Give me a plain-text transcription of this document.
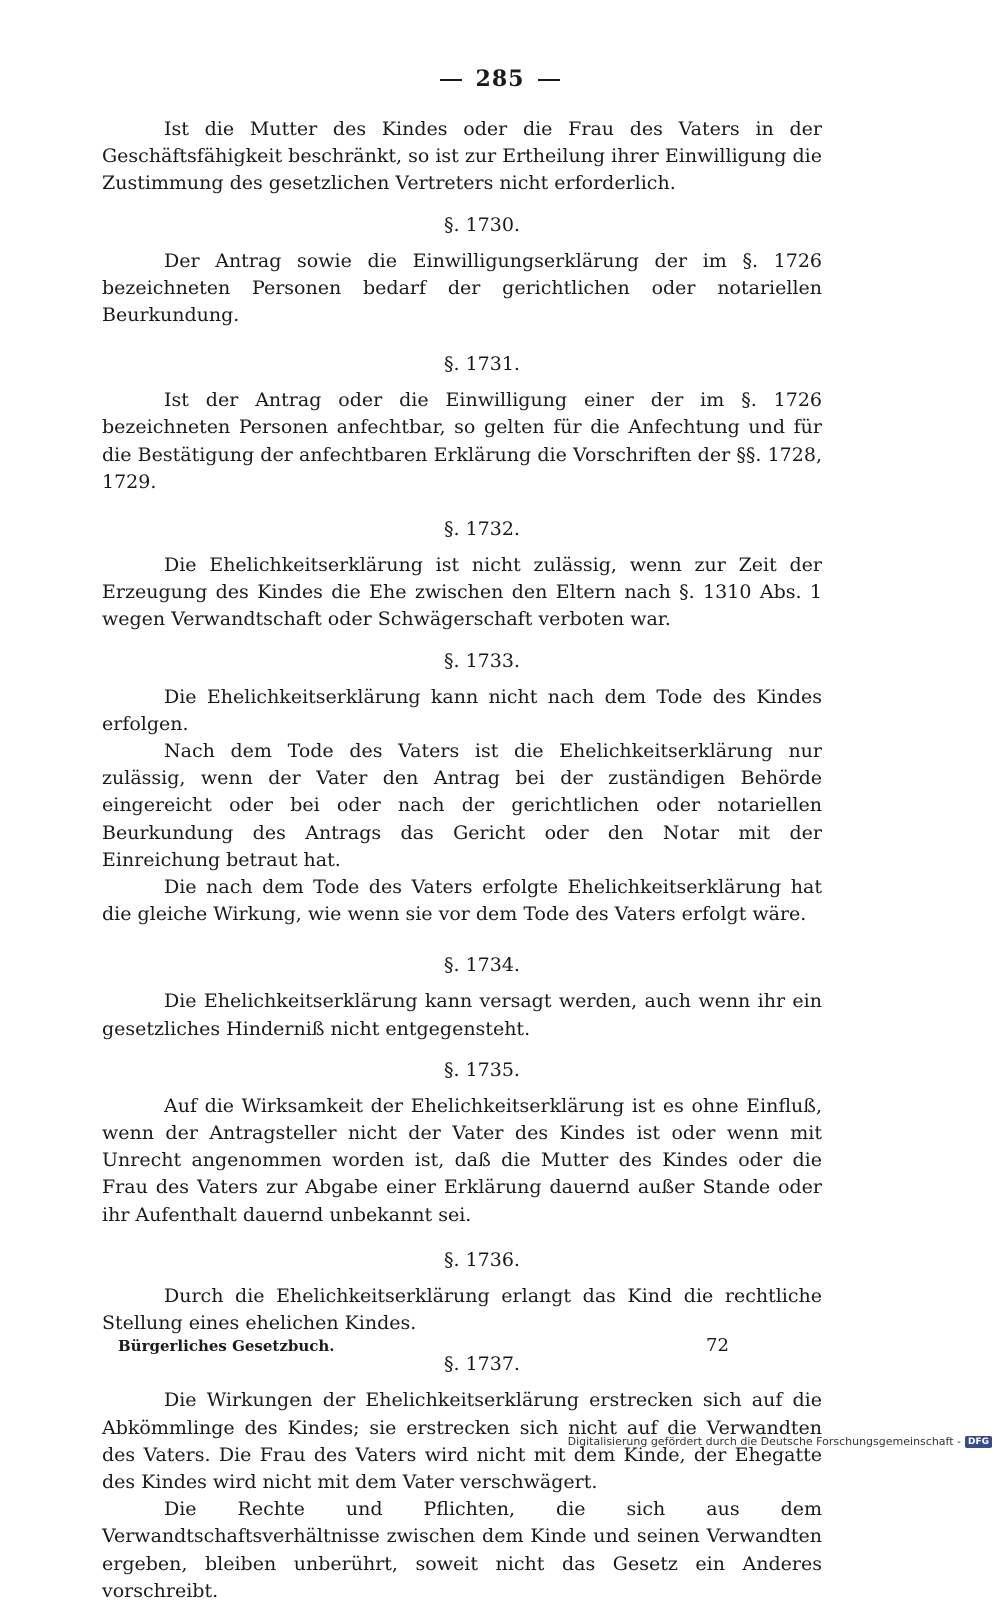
285

Ist die Mutter des Kindes oder die Frau des Vaters in der Geschäftsfähigkeit beschränkt, so ist zur Ertheilung ihrer Einwilligung die Zustimmung des gesetzlichen Vertreters nicht erforderlich.

§. 1730.

Der Antrag sowie die Einwilligungserklärung der im §. 1726 bezeichneten Personen bedarf der gerichtlichen oder notariellen Beurkundung.

§. 1731.

Ist der Antrag oder die Einwilligung einer der im §. 1726 bezeichneten Personen anfechtbar, so gelten für die Anfechtung und für die Bestätigung der anfechtbaren Erklärung die Vorschriften der §§. 1728, 1729.

§. 1732.

Die Ehelichkeitserklärung ist nicht zulässig, wenn zur Zeit der Erzeugung des Kindes die Ehe zwischen den Eltern nach §. 1310 Abs. 1 wegen Verwandtschaft oder Schwägerschaft verboten war.

§. 1733.

Die Ehelichkeitserklärung kann nicht nach dem Tode des Kindes erfolgen.

Nach dem Tode des Vaters ist die Ehelichkeitserklärung nur zulässig, wenn der Vater den Antrag bei der zuständigen Behörde eingereicht oder bei oder nach der gerichtlichen oder notariellen Beurkundung des Antrags das Gericht oder den Notar mit der Einreichung betraut hat.

Die nach dem Tode des Vaters erfolgte Ehelichkeitserklärung hat die gleiche Wirkung, wie wenn sie vor dem Tode des Vaters erfolgt wäre.

§. 1734.

Die Ehelichkeitserklärung kann versagt werden, auch wenn ihr ein gesetzliches Hinderniß nicht entgegensteht.

§. 1735.

Auf die Wirksamkeit der Ehelichkeitserklärung ist es ohne Einfluß, wenn der Antragsteller nicht der Vater des Kindes ist oder wenn mit Unrecht angenommen worden ist, daß die Mutter des Kindes oder die Frau des Vaters zur Abgabe einer Erklärung dauernd außer Stande oder ihr Aufenthalt dauernd unbekannt sei.

§. 1736.

Durch die Ehelichkeitserklärung erlangt das Kind die rechtliche Stellung eines ehelichen Kindes.

§. 1737.

Die Wirkungen der Ehelichkeitserklärung erstrecken sich auf die Abkömmlinge des Kindes; sie erstrecken sich nicht auf die Verwandten des Vaters. Die Frau des Vaters wird nicht mit dem Kinde, der Ehegatte des Kindes wird nicht mit dem Vater verschwägert.

Die Rechte und Pflichten, die sich aus dem Verwandtschaftsverhältnisse zwischen dem Kinde und seinen Verwandten ergeben, bleiben unberührt, soweit nicht das Gesetz ein Anderes vorschreibt.

Bürgerliches Gesetzbuch.	72
Digitalisierung gefördert durch die Deutsche Forschungsgemeinschaft - DFG
